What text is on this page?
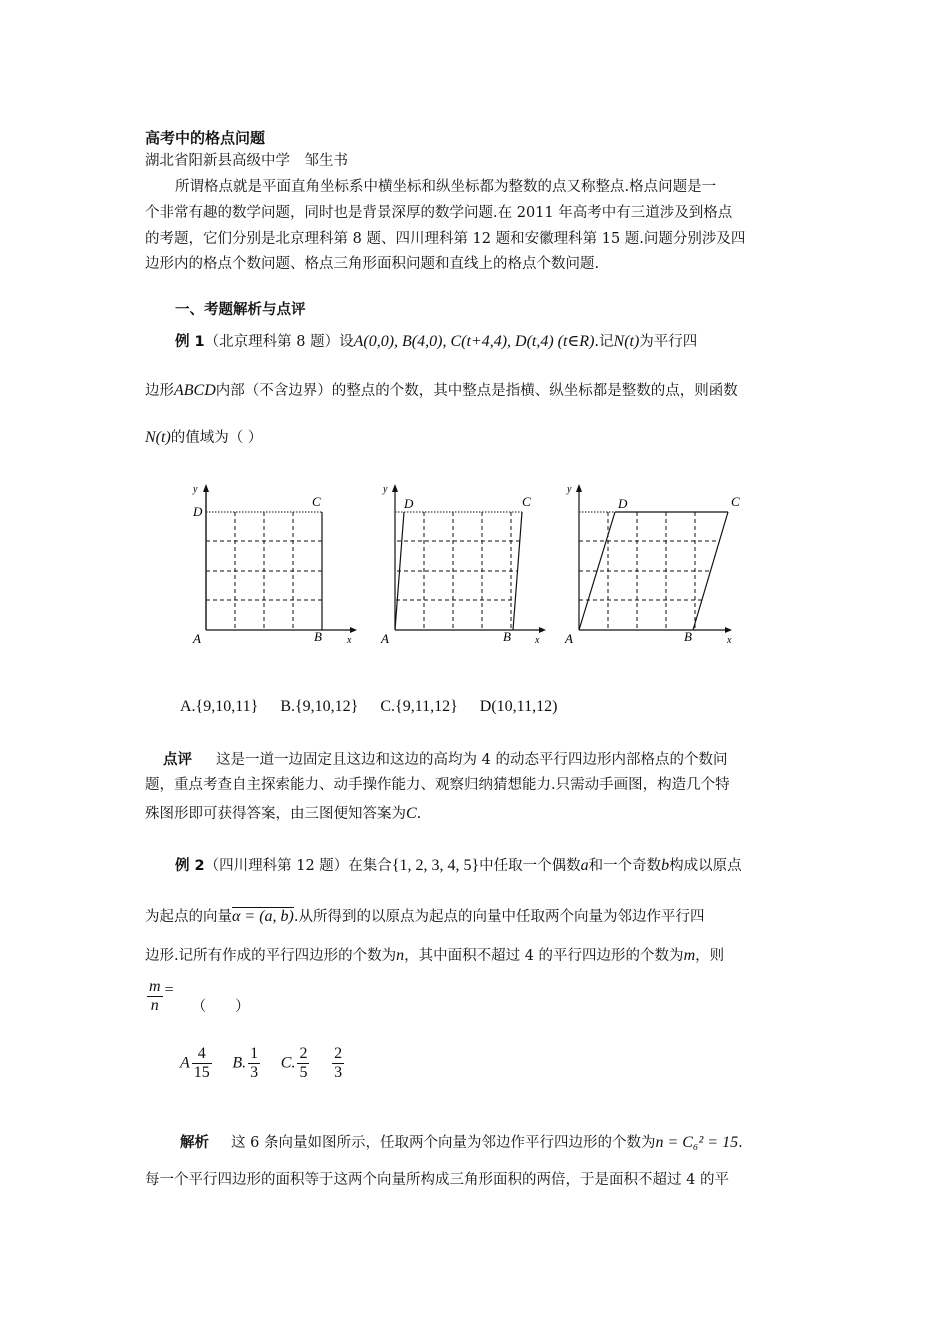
高考中的格点问题
湖北省阳新县高级中学　邹生书
所谓格点就是平面直角坐标系中横坐标和纵坐标都为整数的点又称整点.格点问题是一
个非常有趣的数学问题，同时也是背景深厚的数学问题.在 2011 年高考中有三道涉及到格点
的考题，它们分别是北京理科第 8 题、四川理科第 12 题和安徽理科第 15 题.问题分别涉及四
边形内的格点个数问题、格点三角形面积问题和直线上的格点个数问题.
一、考题解析与点评
例 1（北京理科第 8 题）设A(0,0), B(4,0), C(t+4,4), D(t,4) (t∈R).记N(t)为平行四
边形ABCD内部（不含边界）的整点的个数，其中整点是指横、纵坐标都是整数的点，则函数
N(t)的值域为（ ）
y
D
C
A	B	x
y
D	C
A	B x
y
D	C
A	B	x
A.{9,10,11} B.{9,10,12} C.{9,11,12} D(10,11,12)
点评 这是一道一边固定且这边和这边的高均为 4 的动态平行四边形内部格点的个数问
题，重点考查自主探索能力、动手操作能力、观察归纳猜想能力.只需动手画图，构造几个特
殊图形即可获得答案，由三图便知答案为C.
例 2（四川理科第 12 题）在集合{1, 2, 3, 4, 5}中任取一个偶数a和一个奇数b构成以原点
为起点的向量α = (a, b).从所得到的以原点为起点的向量中任取两个向量为邻边作平行四
边形.记所有作成的平行四边形的个数为n，其中面积不超过 4 的平行四边形的个数为m，则
$\frac{m}{n}$ =（　　）
A $\frac{4}{15} B$. $\frac{1}{3} C$. $\frac{2}{5}$
$\frac{2}{3}$
解析 这 6 条向量如图所示，任取两个向量为邻边作平行四边形的个数为n = C₆² = 15.
每一个平行四边形的面积等于这两个向量所构成三角形面积的两倍，于是面积不超过 4 的平
